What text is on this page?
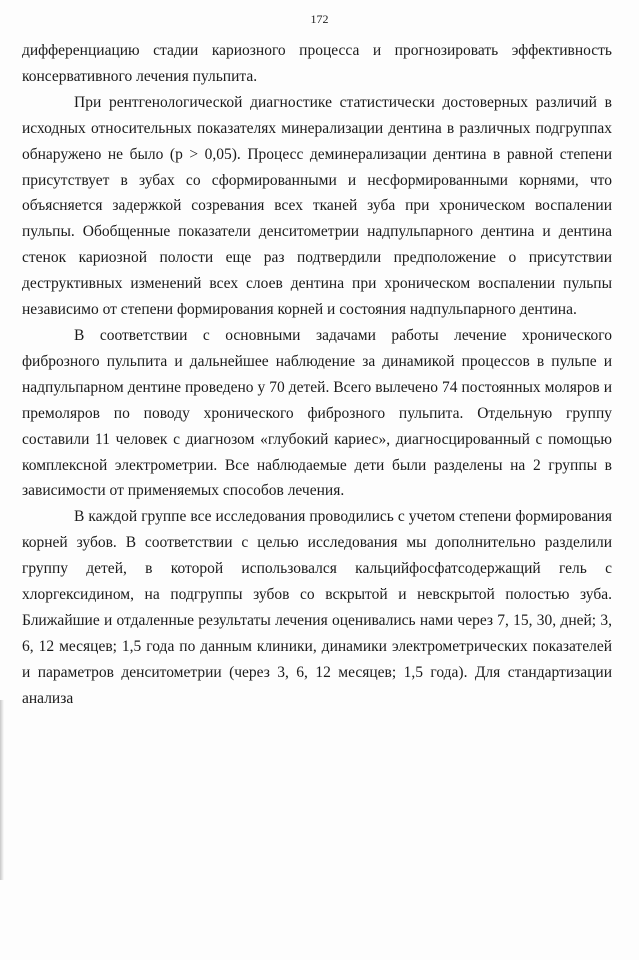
172

дифференциацию стадии кариозного процесса и прогнозировать эффективность консервативного лечения пульпита.

При рентгенологической диагностике статистически достоверных различий в исходных относительных показателях минерализации дентина в различных подгруппах обнаружено не было (p > 0,05). Процесс деминерализации дентина в равной степени присутствует в зубах со сформированными и несформированными корнями, что объясняется задержкой созревания всех тканей зуба при хроническом воспалении пульпы. Обобщенные показатели денситометрии надпульпарного дентина и дентина стенок кариозной полости еще раз подтвердили предположение о присутствии деструктивных изменений всех слоев дентина при хроническом воспалении пульпы независимо от степени формирования корней и состояния надпульпарного дентина.

В соответствии с основными задачами работы лечение хронического фиброзного пульпита и дальнейшее наблюдение за динамикой процессов в пульпе и надпульпарном дентине проведено у 70 детей. Всего вылечено 74 постоянных моляров и премоляров по поводу хронического фиброзного пульпита. Отдельную группу составили 11 человек с диагнозом «глубокий кариес», диагносцированный с помощью комплексной электрометрии. Все наблюдаемые дети были разделены на 2 группы в зависимости от применяемых способов лечения.

В каждой группе все исследования проводились с учетом степени формирования корней зубов. В соответствии с целью исследования мы дополнительно разделили группу детей, в которой использовался кальцийфосфатсодержащий гель с хлоргексидином, на подгруппы зубов со вскрытой и невскрытой полостью зуба. Ближайшие и отдаленные результаты лечения оценивались нами через 7, 15, 30, дней; 3, 6, 12 месяцев; 1,5 года по данным клиники, динамики электрометрических показателей и параметров денситометрии (через 3, 6, 12 месяцев; 1,5 года). Для стандартизации анализа
